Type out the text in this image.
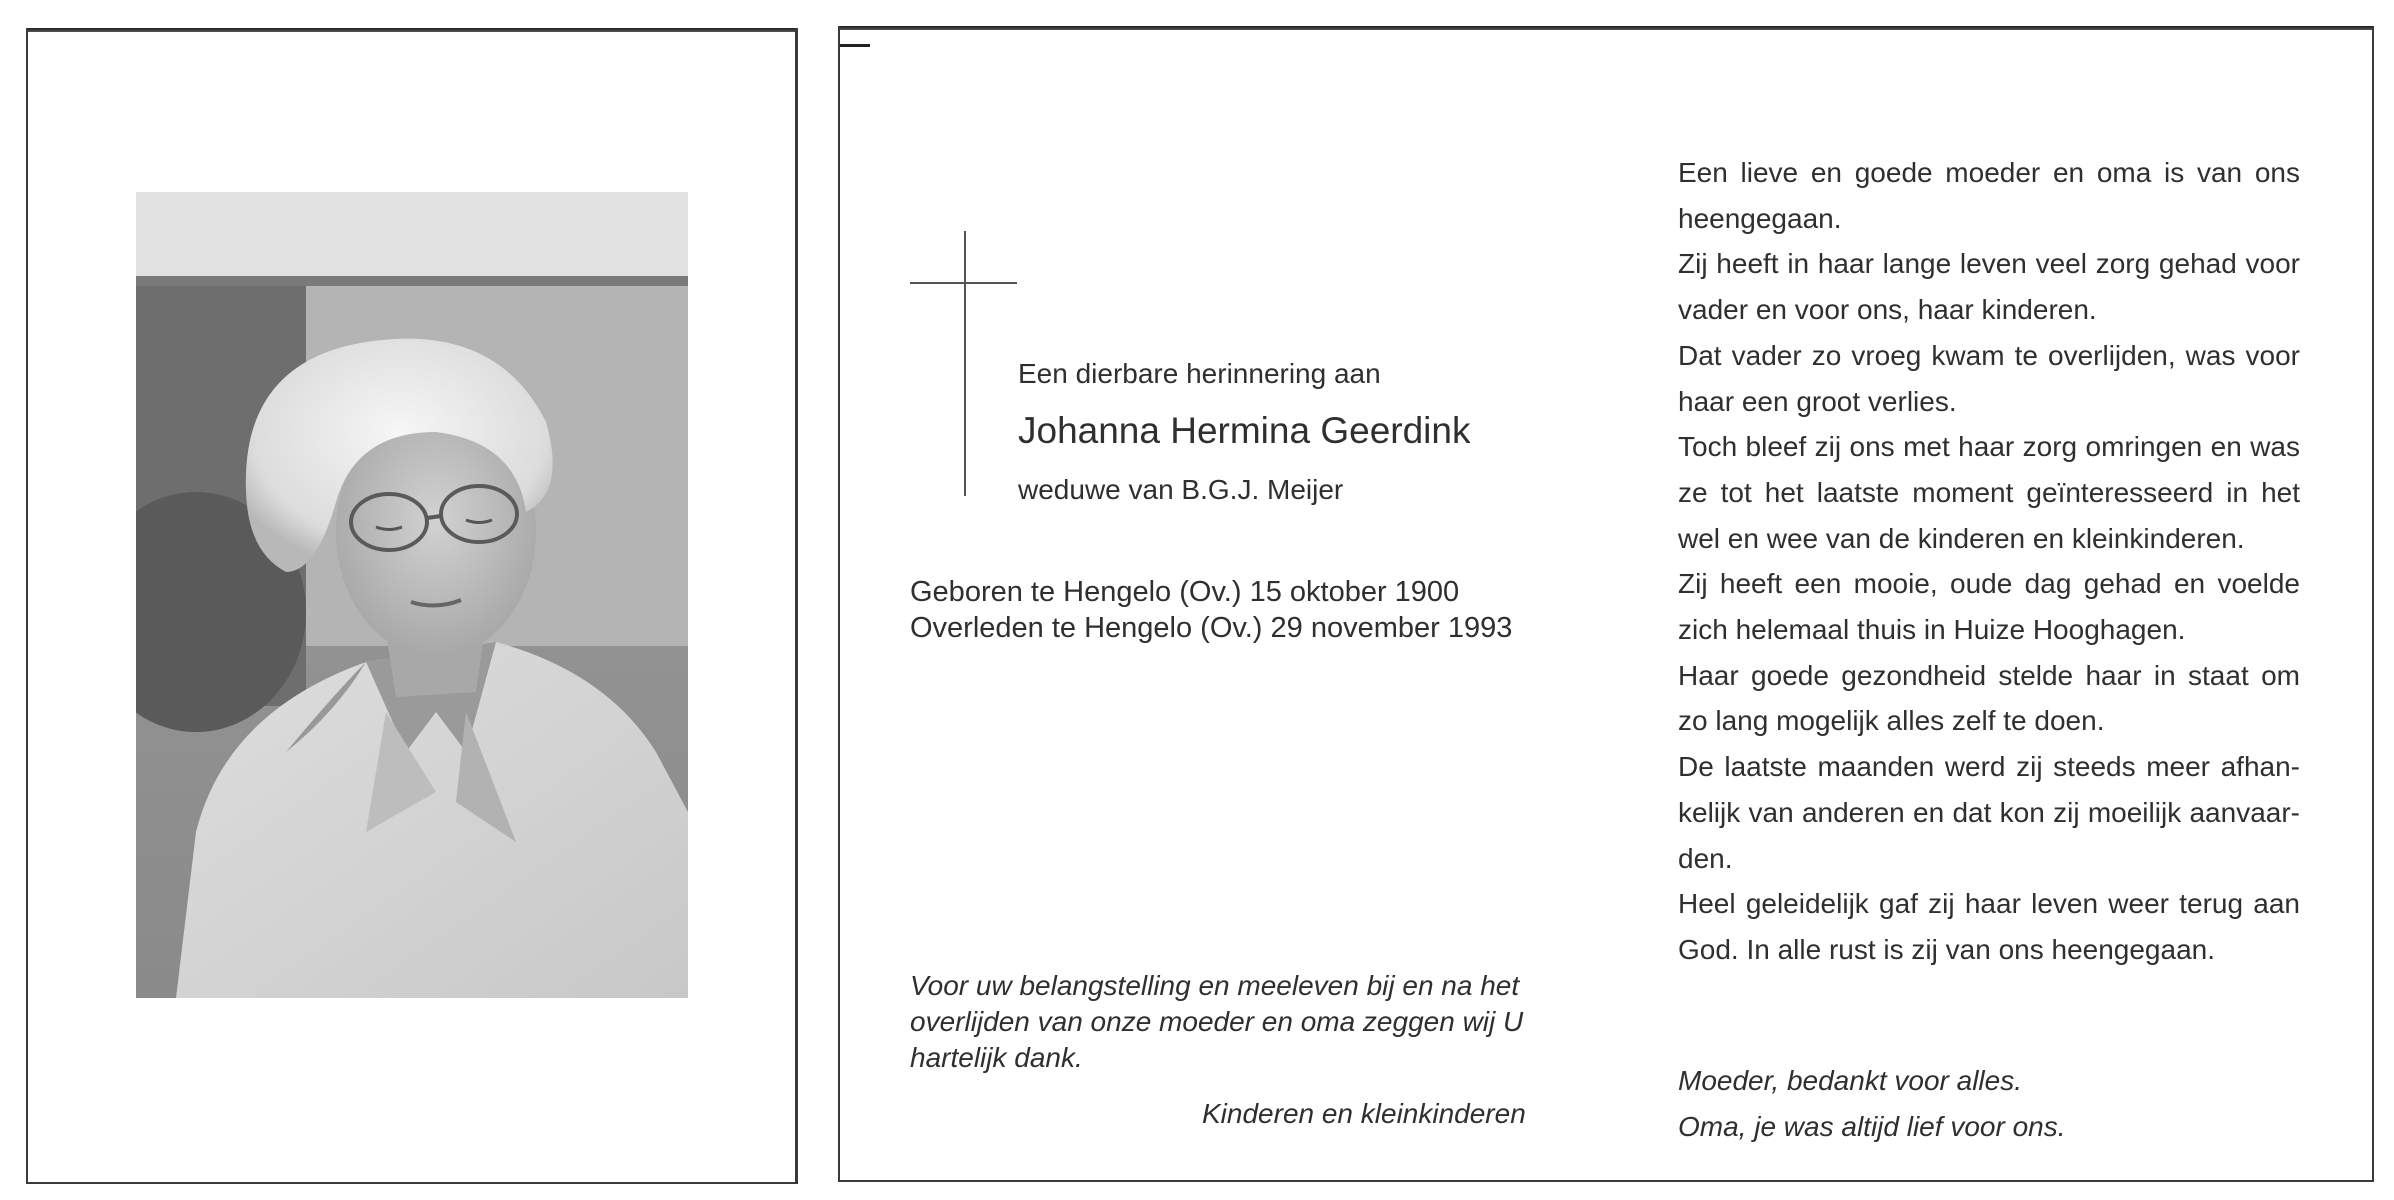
Een dierbare herinnering aan
Johanna Hermina Geerdink
weduwe van B.G.J. Meijer
Geboren te Hengelo (Ov.) 15 oktober 1900
Overleden te Hengelo (Ov.) 29 november 1993
Voor uw belangstelling en meeleven bij en na het
overlijden van onze moeder en oma zeggen wij U
hartelijk dank.
Kinderen en kleinkinderen
Een lieve en goede moeder en oma is van ons
heengegaan.
Zij heeft in haar lange leven veel zorg gehad voor
vader en voor ons, haar kinderen.
Dat vader zo vroeg kwam te overlijden, was voor
haar een groot verlies.
Toch bleef zij ons met haar zorg omringen en was
ze tot het laatste moment geïnteresseerd in het
wel en wee van de kinderen en kleinkinderen.
Zij heeft een mooie, oude dag gehad en voelde
zich helemaal thuis in Huize Hooghagen.
Haar goede gezondheid stelde haar in staat om
zo lang mogelijk alles zelf te doen.
De laatste maanden werd zij steeds meer afhan-
kelijk van anderen en dat kon zij moeilijk aanvaar-
den.
Heel geleidelijk gaf zij haar leven weer terug aan
God. In alle rust is zij van ons heengegaan.
Moeder, bedankt voor alles.
Oma, je was altijd lief voor ons.
